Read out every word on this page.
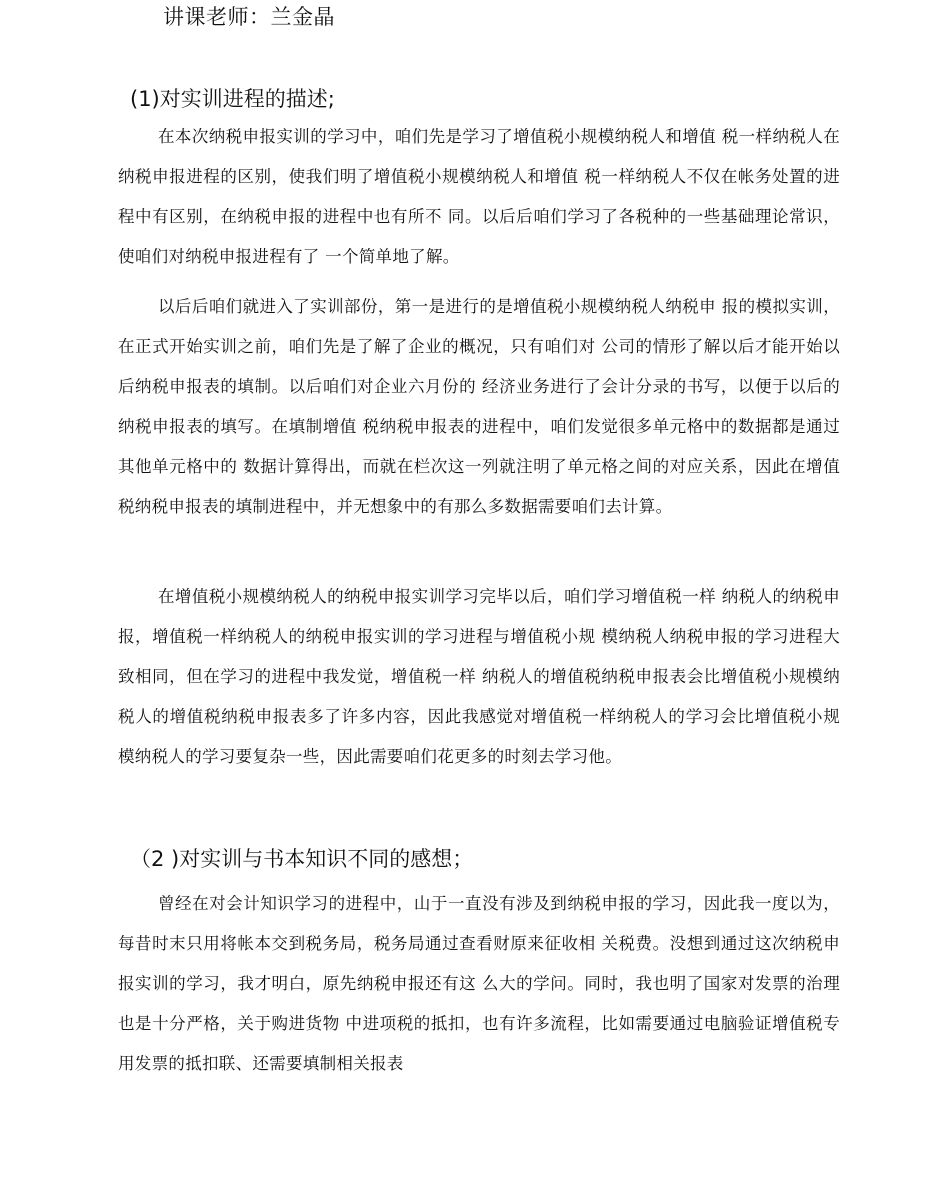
讲课老师：兰金晶
(1)对实训进程的描述;

在本次纳税申报实训的学习中，咱们先是学习了增值税小规模纳税人和增值 税一样纳税人在纳税申报进程的区别，使我们明了增值税小规模纳税人和增值 税一样纳税人不仅在帐务处置的进程中有区别，在纳税申报的进程中也有所不 同。以后后咱们学习了各税种的一些基础理论常识，使咱们对纳税申报进程有了 一个简单地了解。

以后后咱们就进入了实训部份，第一是进行的是增值税小规模纳税人纳税申 报的模拟实训，在正式开始实训之前，咱们先是了解了企业的概况，只有咱们对 公司的情形了解以后才能开始以后纳税申报表的填制。以后咱们对企业六月份的 经济业务进行了会计分录的书写，以便于以后的纳税申报表的填写。在填制增值 税纳税申报表的进程中，咱们发觉很多单元格中的数据都是通过其他单元格中的 数据计算得出，而就在栏次这一列就注明了单元格之间的对应关系，因此在增值 税纳税申报表的填制进程中，并无想象中的有那么多数据需要咱们去计算。

在增值税小规模纳税人的纳税申报实训学习完毕以后，咱们学习增值税一样 纳税人的纳税申报，增值税一样纳税人的纳税申报实训的学习进程与增值税小规 模纳税人纳税申报的学习进程大致相同，但在学习的进程中我发觉，增值税一样 纳税人的增值税纳税申报表会比增值税小规模纳税人的增值税纳税申报表多了许多内容，因此我感觉对增值税一样纳税人的学习会比增值税小规模纳税人的学习要复杂一些，因此需要咱们花更多的时刻去学习他。

（2 )对实训与书本知识不同的感想；

曾经在对会计知识学习的进程中，山于一直没有涉及到纳税申报的学习，因此我一度以为，每昔时末只用将帐本交到税务局，税务局通过查看财原来征收相 关税费。没想到通过这次纳税申报实训的学习，我才明白，原先纳税申报还有这 么大的学问。同时，我也明了国家对发票的治理也是十分严格，关于购进货物 中进项税的抵扣，也有许多流程，比如需要通过电脑验证增值税专用发票的抵扣联、还需要填制相关报表
